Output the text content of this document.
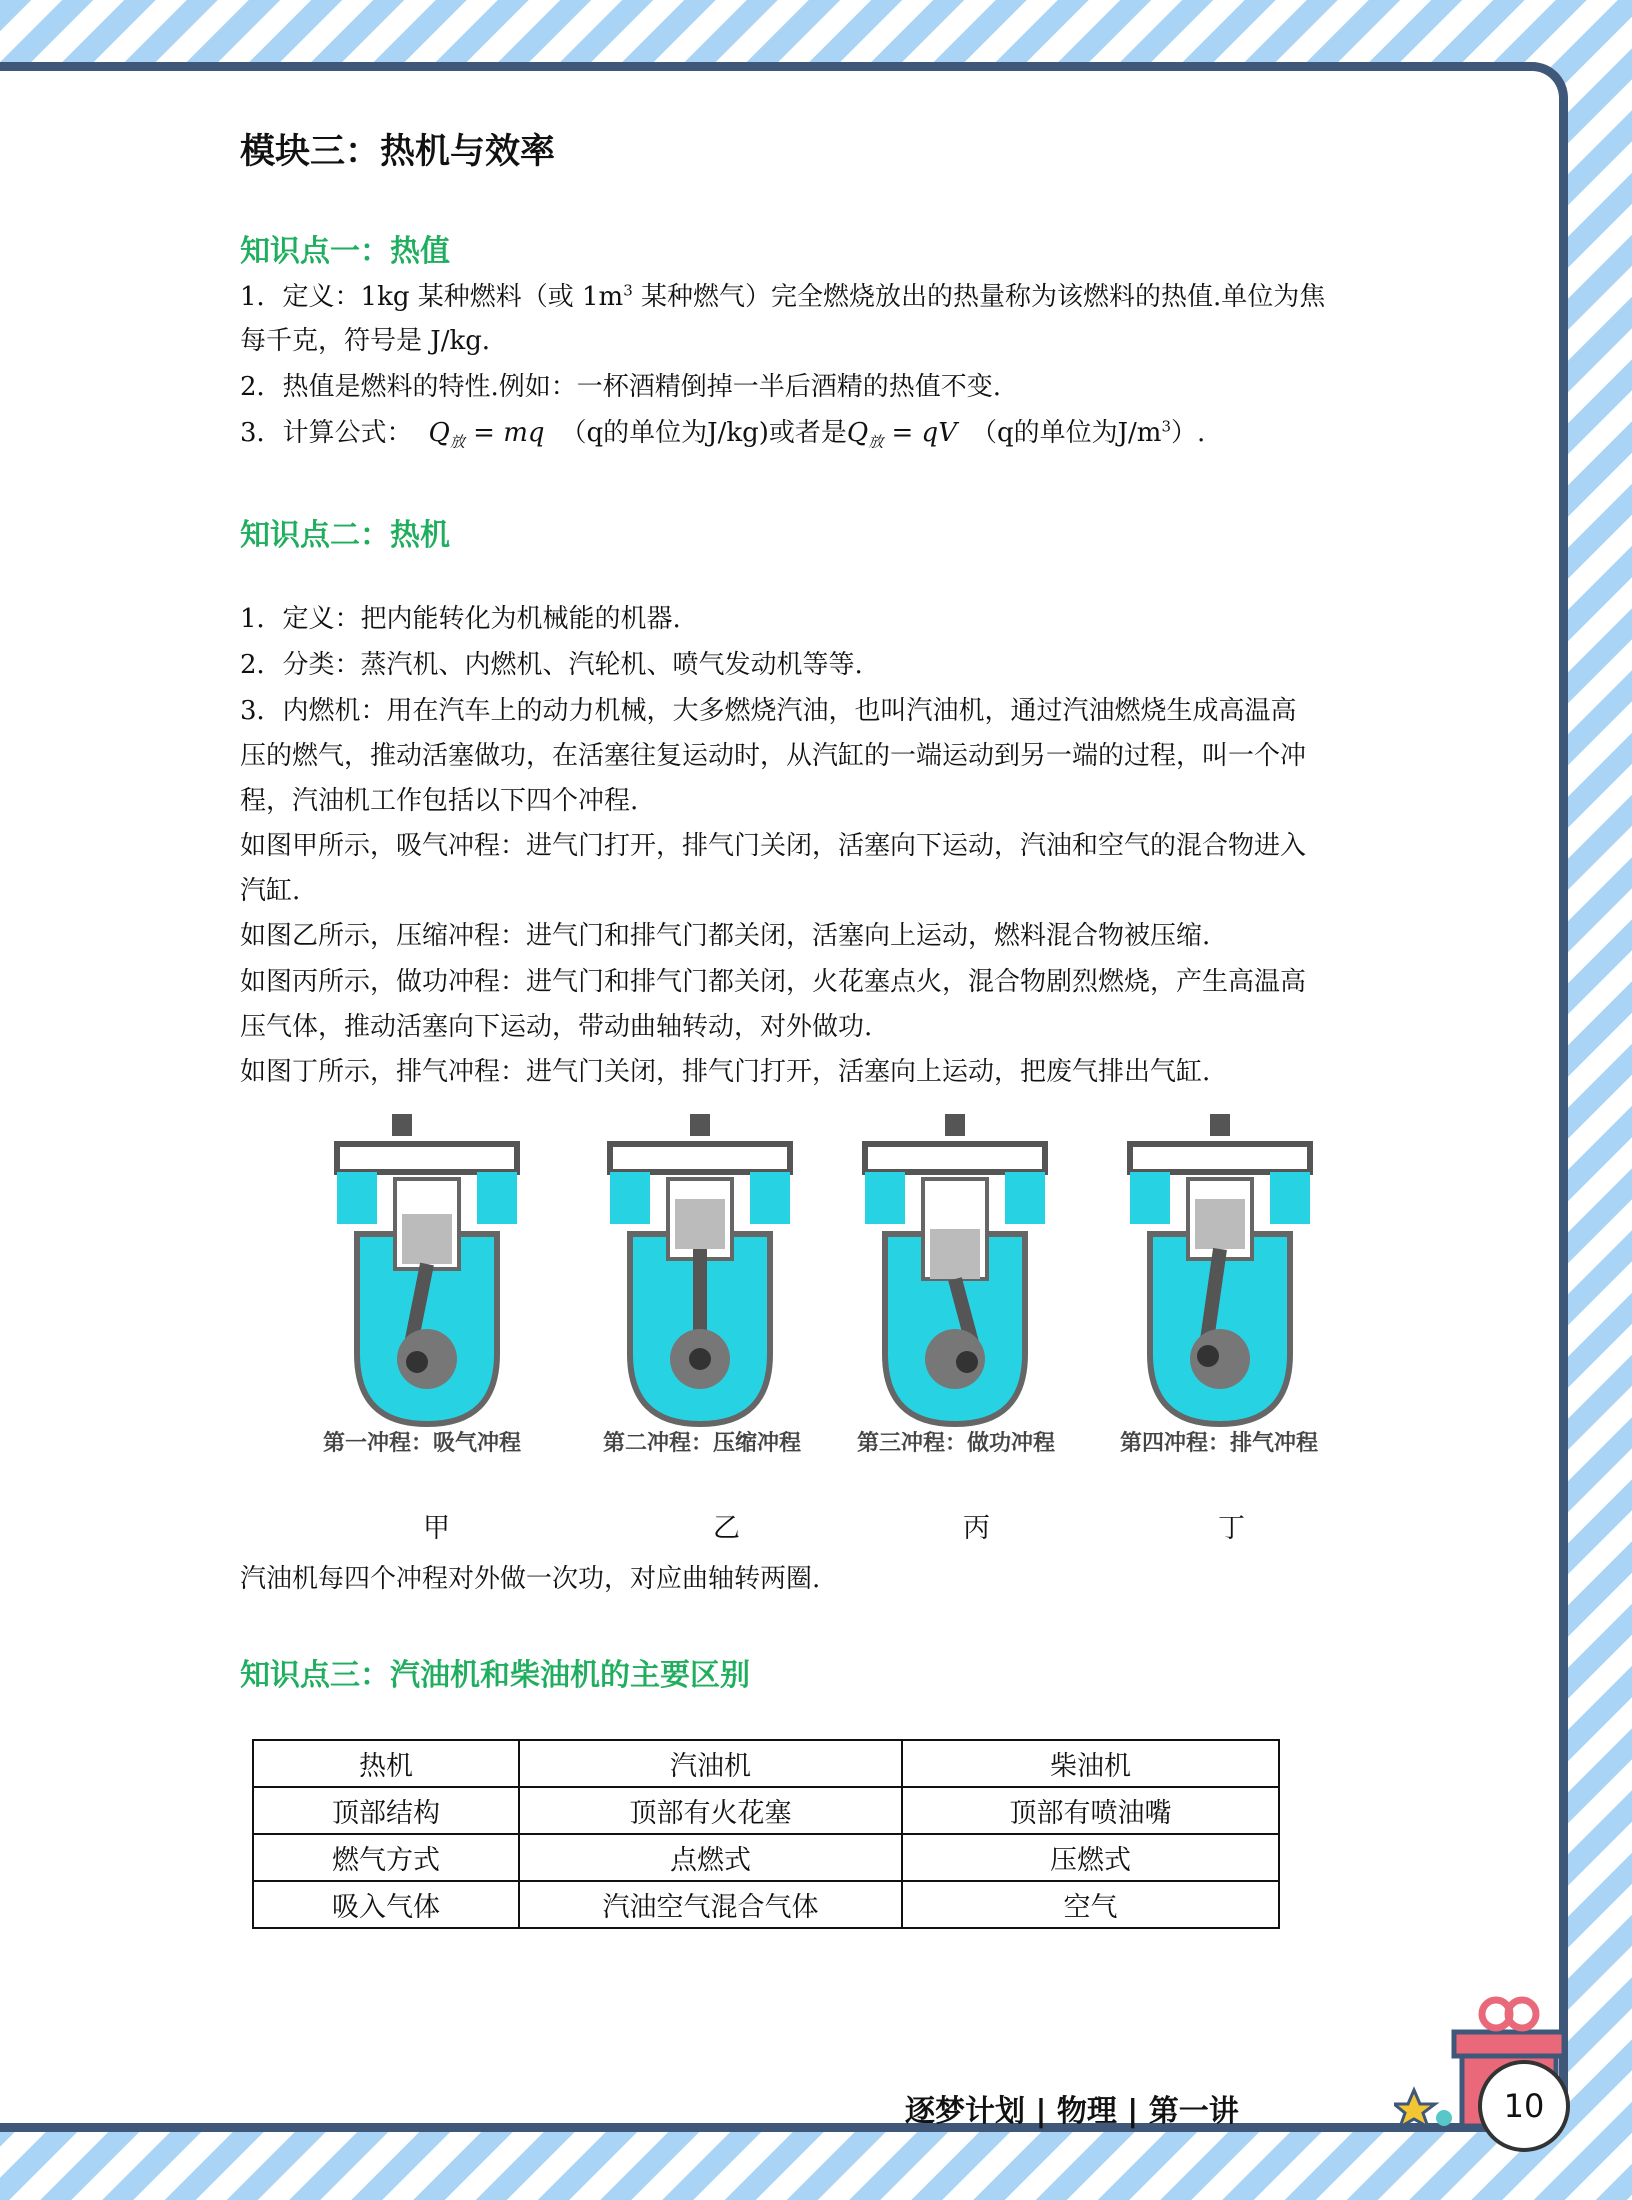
模块三：热机与效率
知识点一：热值
1．定义：1kg 某种燃料（或 $1m^3$ 某种燃气）完全燃烧放出的热量称为该燃料的热值.单位为焦
每千克，符号是 J/kg．
2．热值是燃料的特性.例如：一杯酒精倒掉一半后酒精的热值不变.
3．计算公式： $Q_放$ = mq （q的单位为J/kg)或者是$Q_放$ = qV （q的单位为$J/m^3$）.
知识点二：热机
1．定义：把内能转化为机械能的机器.
2．分类：蒸汽机、内燃机、汽轮机、喷气发动机等等.
3．内燃机：用在汽车上的动力机械，大多燃烧汽油，也叫汽油机，通过汽油燃烧生成高温高
压的燃气，推动活塞做功，在活塞往复运动时，从汽缸的一端运动到另一端的过程，叫一个冲
程，汽油机工作包括以下四个冲程.
如图甲所示，吸气冲程：进气门打开，排气门关闭，活塞向下运动，汽油和空气的混合物进入
汽缸.
如图乙所示，压缩冲程：进气门和排气门都关闭，活塞向上运动，燃料混合物被压缩.
如图丙所示，做功冲程：进气门和排气门都关闭，火花塞点火，混合物剧烈燃烧，产生高温高
压气体，推动活塞向下运动，带动曲轴转动，对外做功.
如图丁所示，排气冲程：进气门关闭，排气门打开，活塞向上运动，把废气排出气缸.
第一冲程：吸气冲程	第二冲程：压缩冲程	第三冲程：做功冲程	第四冲程：排气冲程
甲	乙	丙	丁
汽油机每四个冲程对外做一次功，对应曲轴转两圈.
知识点三：汽油机和柴油机的主要区别
热机	汽油机	柴油机
顶部结构	顶部有火花塞	顶部有喷油嘴
燃气方式	点燃式	压燃式
吸入气体	汽油空气混合气体	空气
逐梦计划 | 物理 | 第一讲	10
